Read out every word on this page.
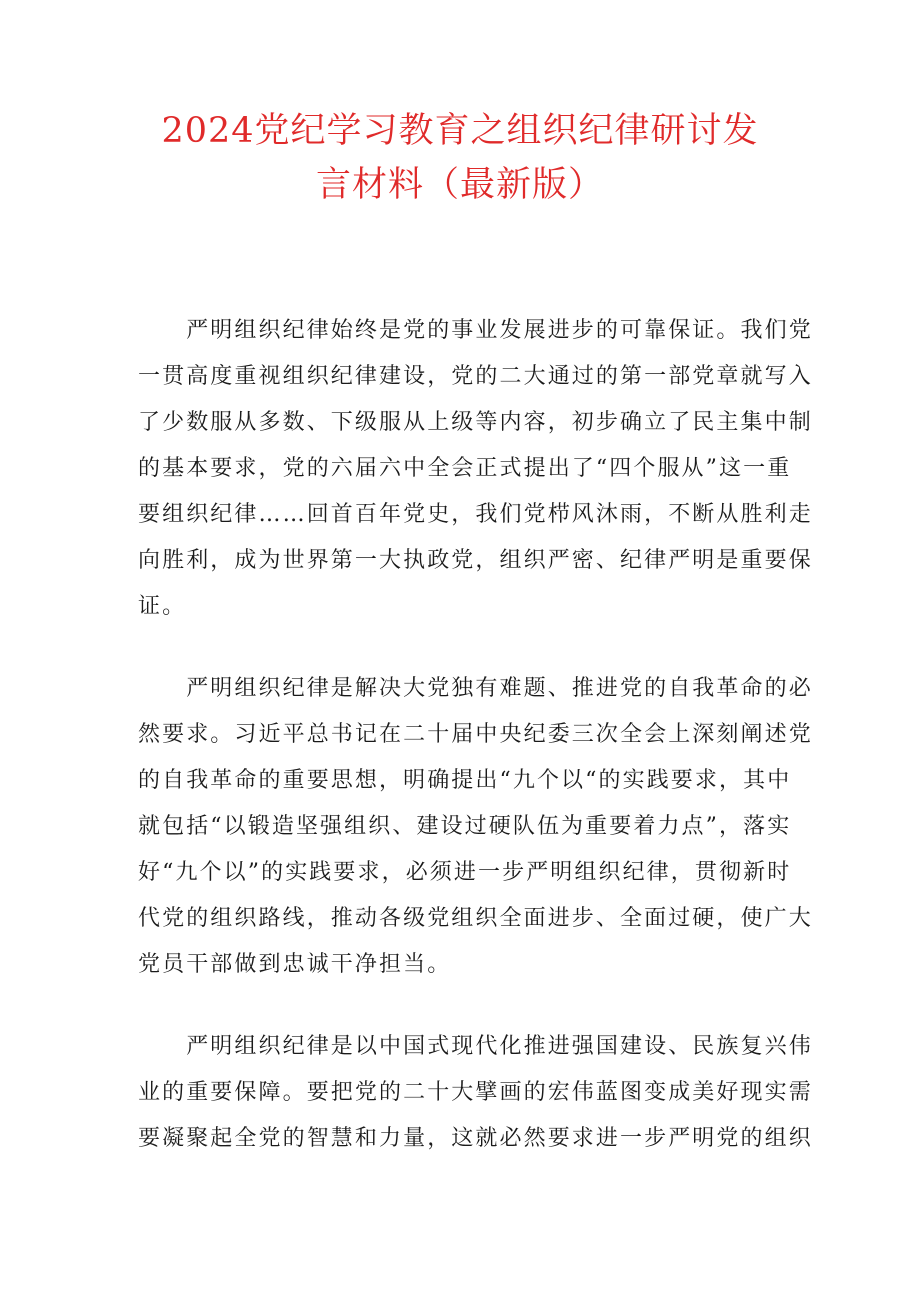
2024党纪学习教育之组织纪律研讨发
言材料（最新版）

　　严明组织纪律始终是党的事业发展进步的可靠保证。我们党
一贯高度重视组织纪律建设，党的二大通过的第一部党章就写入
了少数服从多数、下级服从上级等内容，初步确立了民主集中制
的基本要求，党的六届六中全会正式提出了“四个服从”这一重
要组织纪律……回首百年党史，我们党栉风沐雨，不断从胜利走
向胜利，成为世界第一大执政党，组织严密、纪律严明是重要保
证。

　　严明组织纪律是解决大党独有难题、推进党的自我革命的必
然要求。习近平总书记在二十届中央纪委三次全会上深刻阐述党
的自我革命的重要思想，明确提出“九个以“的实践要求，其中
就包括“以锻造坚强组织、建设过硬队伍为重要着力点”，落实
好“九个以”的实践要求，必须进一步严明组织纪律，贯彻新时
代党的组织路线，推动各级党组织全面进步、全面过硬，使广大
党员干部做到忠诚干净担当。

　　严明组织纪律是以中国式现代化推进强国建设、民族复兴伟
业的重要保障。要把党的二十大擘画的宏伟蓝图变成美好现实需
要凝聚起全党的智慧和力量，这就必然要求进一步严明党的组织
